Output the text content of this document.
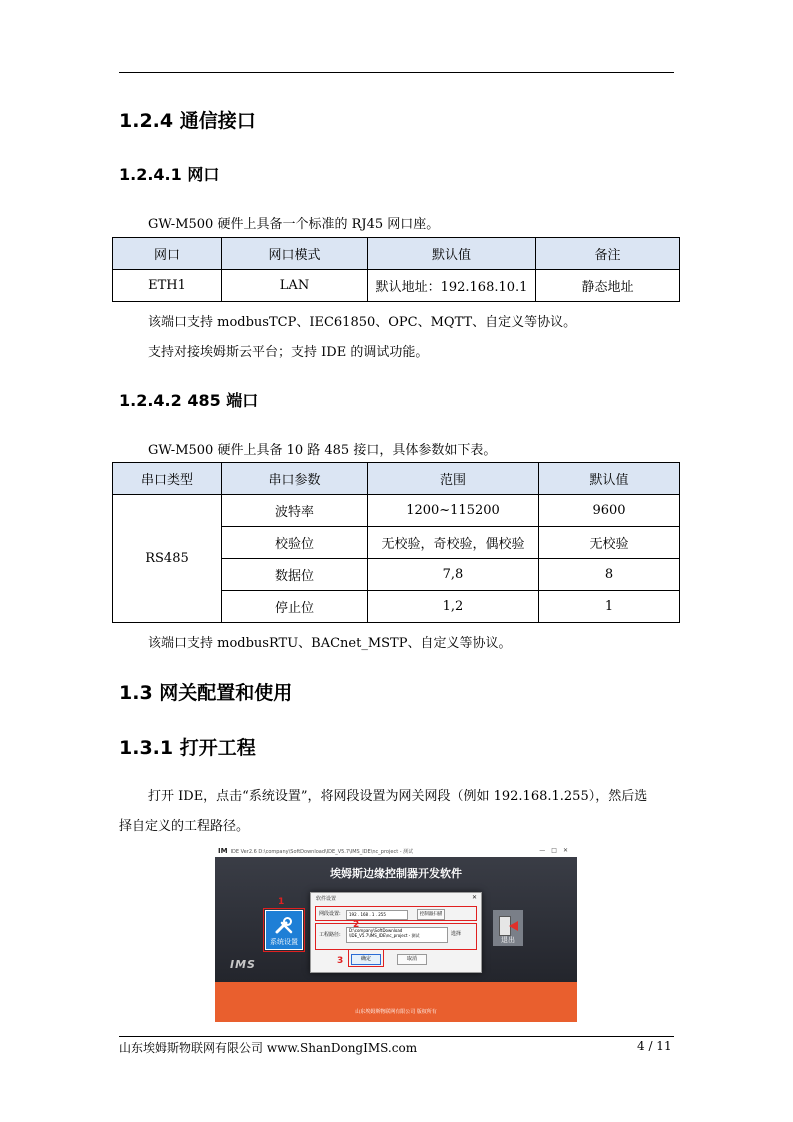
1.2.4 通信接口
1.2.4.1 网口

GW-M500 硬件上具备一个标准的 RJ45 网口座。

网口	网口模式	默认值	备注
ETH1	LAN	默认地址：192.168.10.1	静态地址

该端口支持 modbusTCP、IEC61850、OPC、MQTT、自定义等协议。

支持对接埃姆斯云平台；支持 IDE 的调试功能。

1.2.4.2 485 端口

GW-M500 硬件上具备 10 路 485 接口，具体参数如下表。

串口类型	串口参数	范围	默认值
RS485	波特率	1200~115200	9600
	校验位	无校验，奇校验，偶校验	无校验
	数据位	7,8	8
	停止位	1,2	1

该端口支持 modbusRTU、BACnet_MSTP、自定义等协议。

1.3 网关配置和使用
1.3.1 打开工程

打开 IDE，点击“系统设置”，将网段设置为网关网段（例如 192.168.1.255），然后选

择自定义的工程路径。

IM IDE Ver2.6 D:\company\SoftDownload\IDE_V5.7\IMS_IDE\nc_project - 测试	—□✕
埃姆斯边缘控制器开发软件
系统设置	退出
IMS
山东埃姆斯物联网有限公司 版权所有
软件设置	✕
网段设置:	192 . 168 . 1 . 255	控制器扫描
工程路径:
D:\company\SoftDownload
\IDE_V5.7\IMS_IDE\nc_project - 测试	选择
确定	取消
1
2
3
山东埃姆斯物联网有限公司 www.ShanDongIMS.com	4 / 11
